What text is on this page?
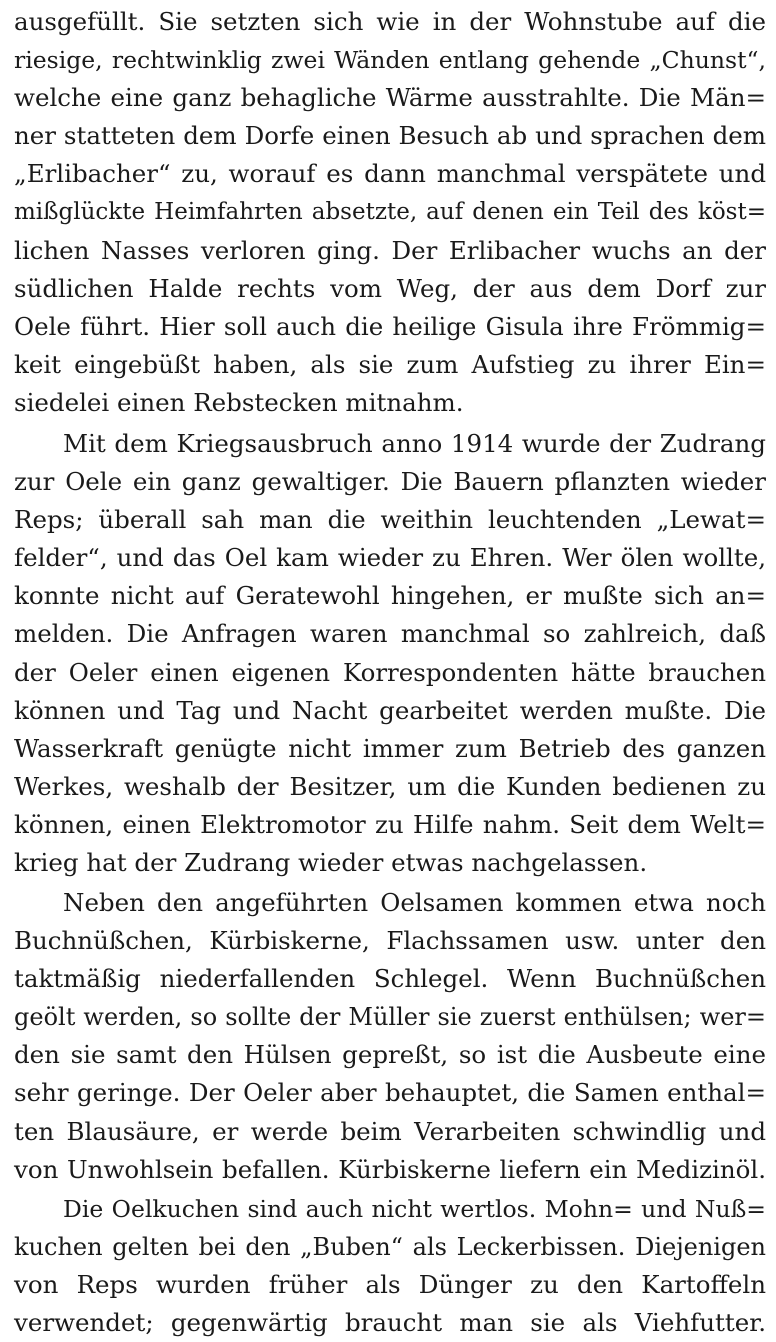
ausgefüllt. Sie setzten sich wie in der Wohnstube auf die
riesige, rechtwinklig zwei Wänden entlang gehende „Chunst“,
welche eine ganz behagliche Wärme ausstrahlte. Die Män=
ner statteten dem Dorfe einen Besuch ab und sprachen dem
„Erlibacher“ zu, worauf es dann manchmal verspätete und
mißglückte Heimfahrten absetzte, auf denen ein Teil des köst=
lichen Nasses verloren ging. Der Erlibacher wuchs an der
südlichen Halde rechts vom Weg, der aus dem Dorf zur
Oele führt. Hier soll auch die heilige Gisula ihre Frömmig=
keit eingebüßt haben, als sie zum Aufstieg zu ihrer Ein=
siedelei einen Rebstecken mitnahm.
Mit dem Kriegsausbruch anno 1914 wurde der Zudrang
zur Oele ein ganz gewaltiger. Die Bauern pflanzten wieder
Reps; überall sah man die weithin leuchtenden „Lewat=
felder“, und das Oel kam wieder zu Ehren. Wer ölen wollte,
konnte nicht auf Geratewohl hingehen, er mußte sich an=
melden. Die Anfragen waren manchmal so zahlreich, daß
der Oeler einen eigenen Korrespondenten hätte brauchen
können und Tag und Nacht gearbeitet werden mußte. Die
Wasserkraft genügte nicht immer zum Betrieb des ganzen
Werkes, weshalb der Besitzer, um die Kunden bedienen zu
können, einen Elektromotor zu Hilfe nahm. Seit dem Welt=
krieg hat der Zudrang wieder etwas nachgelassen.
Neben den angeführten Oelsamen kommen etwa noch
Buchnüßchen, Kürbiskerne, Flachssamen usw. unter den
taktmäßig niederfallenden Schlegel. Wenn Buchnüßchen
geölt werden, so sollte der Müller sie zuerst enthülsen; wer=
den sie samt den Hülsen gepreßt, so ist die Ausbeute eine
sehr geringe. Der Oeler aber behauptet, die Samen enthal=
ten Blausäure, er werde beim Verarbeiten schwindlig und
von Unwohlsein befallen. Kürbiskerne liefern ein Medizinöl.
Die Oelkuchen sind auch nicht wertlos. Mohn= und Nuß=
kuchen gelten bei den „Buben“ als Leckerbissen. Diejenigen
von Reps wurden früher als Dünger zu den Kartoffeln
verwendet; gegenwärtig braucht man sie als Viehfutter.
